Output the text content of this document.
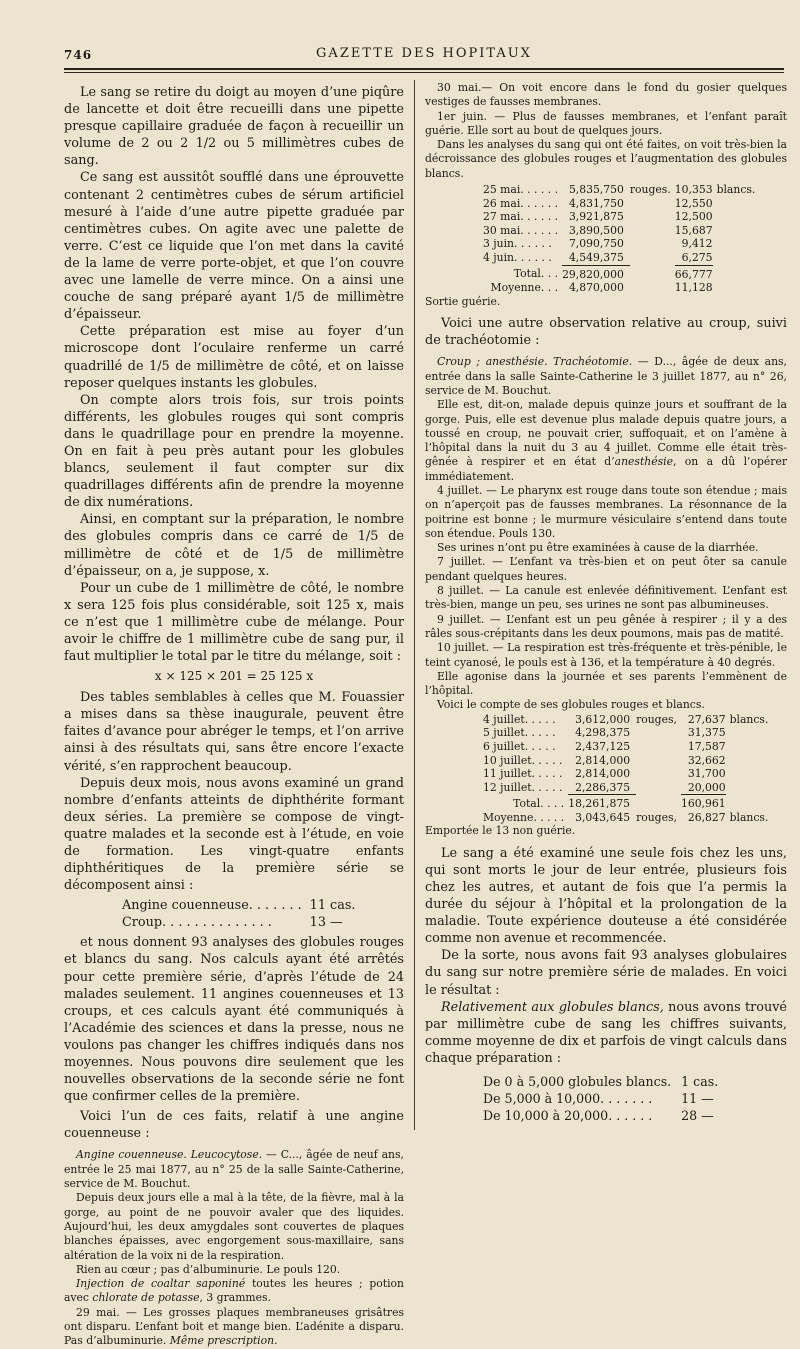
746	GAZETTE DES HOPITAUX

Le sang se retire du doigt au moyen d’une piqûre de lancette et doit être recueilli dans une pipette presque capillaire graduée de façon à recueillir un volume de 2 ou 2 1/2 ou 5 millimètres cubes de sang.

Ce sang est aussitôt soufflé dans une éprouvette contenant 2 centimètres cubes de sérum artificiel mesuré à l’aide d’une autre pipette graduée par centimètres cubes. On agite avec une palette de verre. C’est ce liquide que l’on met dans la cavité de la lame de verre porte-objet, et que l’on couvre avec une lamelle de verre mince. On a ainsi une couche de sang préparé ayant 1/5 de millimètre d’épaisseur.

Cette préparation est mise au foyer d’un microscope dont l’oculaire renferme un carré quadrillé de 1/5 de millimètre de côté, et on laisse reposer quelques instants les globules.

On compte alors trois fois, sur trois points différents, les globules rouges qui sont compris dans le quadrillage pour en prendre la moyenne. On en fait à peu près autant pour les globules blancs, seulement il faut compter sur dix quadrillages différents afin de prendre la moyenne de dix numérations.

Ainsi, en comptant sur la préparation, le nombre des globules compris dans ce carré de 1/5 de millimètre de côté et de 1/5 de millimètre d’épaisseur, on a, je suppose, x.

Pour un cube de 1 millimètre de côté, le nombre x sera 125 fois plus considérable, soit 125 x, mais ce n’est que 1 millimètre cube de mélange. Pour avoir le chiffre de 1 millimètre cube de sang pur, il faut multiplier le total par le titre du mélange, soit :

x × 125 × 201 = 25 125 x

Des tables semblables à celles que M. Fouassier a mises dans sa thèse inaugurale, peuvent être faites d’avance pour abréger le temps, et l’on arrive ainsi à des résultats qui, sans être encore l’exacte vérité, s’en rapprochent beaucoup.

Depuis deux mois, nous avons examiné un grand nombre d’enfants atteints de diphthérite formant deux séries. La première se compose de vingt-quatre malades et la seconde est à l’étude, en voie de formation. Les vingt-quatre enfants diphthéritiques de la première série se décomposent ainsi :

Angine couenneuse. . . . . . .	11 cas.
Croup. . . . . . . . . . . . . .	13 —

et nous donnent 93 analyses des globules rouges et blancs du sang. Nos calculs ayant été arrêtés pour cette première série, d’après l’étude de 24 malades seulement. 11 angines couenneuses et 13 croups, et ces calculs ayant été communiqués à l’Académie des sciences et dans la presse, nous ne voulons pas changer les chiffres indiqués dans nos moyennes. Nous pouvons dire seulement que les nouvelles observations de la seconde série ne font que confirmer celles de la première.

Voici l’un de ces faits, relatif à une angine couenneuse :

Angine couenneuse. Leucocytose. — C..., âgée de neuf ans, entrée le 25 mai 1877, au n° 25 de la salle Sainte-Catherine, service de M. Bouchut.

Depuis deux jours elle a mal à la tête, de la fièvre, mal à la gorge, au point de ne pouvoir avaler que des liquides. Aujourd’hui, les deux amygdales sont couvertes de plaques blanches épaisses, avec engorgement sous-maxillaire, sans altération de la voix ni de la respiration.

Rien au cœur ; pas d’albuminurie. Le pouls 120.

Injection de coaltar saponiné toutes les heures ; potion avec chlorate de potasse, 3 grammes.

29 mai. — Les grosses plaques membraneuses grisâtres ont disparu. L’enfant boit et mange bien. L’adénite a disparu. Pas d’albuminurie. Même prescription.

30 mai.— On voit encore dans le fond du gosier quelques vestiges de fausses membranes.

1er juin. — Plus de fausses membranes, et l’enfant paraît guérie. Elle sort au bout de quelques jours.

Dans les analyses du sang qui ont été faites, on voit très-bien la décroissance des globules rouges et l’augmentation des globules blancs.

25 mai. . . . . .	5,835,750	rouges.	10,353	blancs.
26 mai. . . . . .	4,831,750		12,550	
27 mai. . . . . .	3,921,875		12,500	
30 mai. . . . . .	3,890,500		15,687	
3 juin. . . . . .	7,090,750		9,412	
4 juin. . . . . .	4,549,375		6,275	
Total. . .	29,820,000		66,777	
Moyenne. . .	4,870,000		11,128	

Sortie guérie.

Voici une autre observation relative au croup, suivi de trachéotomie :

Croup ; anesthésie. Trachéotomie. — D..., âgée de deux ans, entrée dans la salle Sainte-Catherine le 3 juillet 1877, au n° 26, service de M. Bouchut.

Elle est, dit-on, malade depuis quinze jours et souffrant de la gorge. Puis, elle est devenue plus malade depuis quatre jours, a toussé en croup, ne pouvait crier, suffoquait, et on l’amène à l’hôpital dans la nuit du 3 au 4 juillet. Comme elle était très-gênée à respirer et en état d’anesthésie, on a dû l’opérer immédiatement.

4 juillet. — Le pharynx est rouge dans toute son étendue ; mais on n’aperçoit pas de fausses membranes. La résonnance de la poitrine est bonne ; le murmure vésiculaire s’entend dans toute son étendue. Pouls 130.

Ses urines n’ont pu être examinées à cause de la diarrhée.

7 juillet. — L’enfant va très-bien et on peut ôter sa canule pendant quelques heures.

8 juillet. — La canule est enlevée définitivement. L’enfant est très-bien, mange un peu, ses urines ne sont pas albumineuses.

9 juillet. — L’enfant est un peu gênée à respirer ; il y a des râles sous-crépitants dans les deux poumons, mais pas de matité.

10 juillet. — La respiration est très-fréquente et très-pénible, le teint cyanosé, le pouls est à 136, et la température à 40 degrés.

Elle agonise dans la journée et ses parents l’emmènent de l’hôpital.

Voici le compte de ses globules rouges et blancs.

4 juillet. . . . .	3,612,000	rouges,	27,637	blancs.
5 juillet. . . . .	4,298,375		31,375	
6 juillet. . . . .	2,437,125		17,587	
10 juillet. . . . .	2,814,000		32,662	
11 juillet. . . . .	2,814,000		31,700	
12 juillet. . . . .	2,286,375		20,000	
Total. . . .	18,261,875		160,961	
Moyenne. . . . .	3,043,645	rouges,	26,827	blancs.

Emportée le 13 non guérie.

Le sang a été examiné une seule fois chez les uns, qui sont morts le jour de leur entrée, plusieurs fois chez les autres, et autant de fois que l’a permis la durée du séjour à l’hôpital et la prolongation de la maladie. Toute expérience douteuse a été considérée comme non avenue et recommencée.

De la sorte, nous avons fait 93 analyses globulaires du sang sur notre première série de malades. En voici le résultat :

Relativement aux globules blancs, nous avons trouvé par millimètre cube de sang les chiffres suivants, comme moyenne de dix et parfois de vingt calculs dans chaque préparation :

De 0 à 5,000 globules blancs.	1 cas.
De 5,000 à 10,000. . . . . . .	11 —
De 10,000 à 20,000. . . . . .	28 —
